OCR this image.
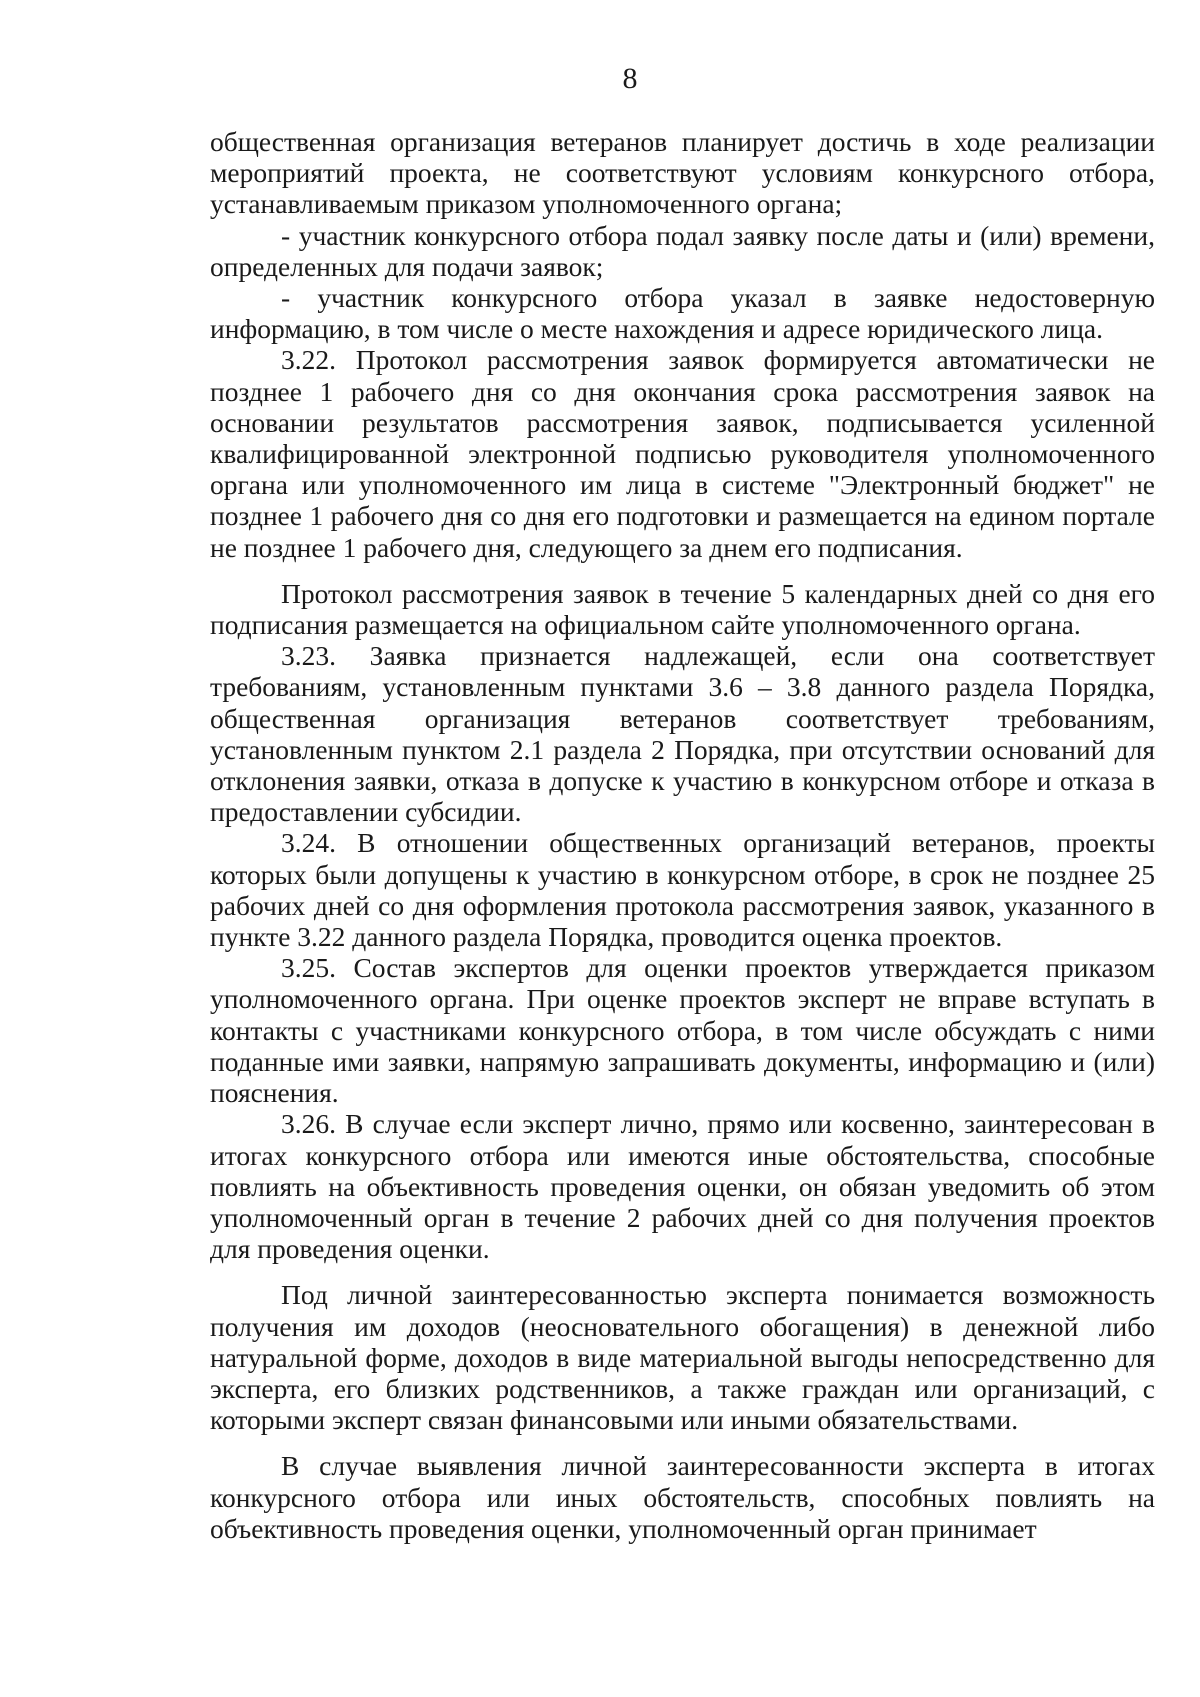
8

общественная организация ветеранов планирует достичь в ходе реализации мероприятий проекта, не соответствуют условиям конкурсного отбора, устанавливаемым приказом уполномоченного органа;

- участник конкурсного отбора подал заявку после даты и (или) времени, определенных для подачи заявок;

- участник конкурсного отбора указал в заявке недостоверную информацию, в том числе о месте нахождения и адресе юридического лица.

3.22. Протокол рассмотрения заявок формируется автоматически не позднее 1 рабочего дня со дня окончания срока рассмотрения заявок на основании результатов рассмотрения заявок, подписывается усиленной квалифицированной электронной подписью руководителя уполномоченного органа или уполномоченного им лица в системе "Электронный бюджет" не позднее 1 рабочего дня со дня его подготовки и размещается на едином портале не позднее 1 рабочего дня, следующего за днем его подписания.

Протокол рассмотрения заявок в течение 5 календарных дней со дня его подписания размещается на официальном сайте уполномоченного органа.

3.23. Заявка признается надлежащей, если она соответствует требованиям, установленным пунктами 3.6 – 3.8 данного раздела Порядка, общественная организация ветеранов соответствует требованиям, установленным пунктом 2.1 раздела 2 Порядка, при отсутствии оснований для отклонения заявки, отказа в допуске к участию в конкурсном отборе и отказа в предоставлении субсидии.

3.24. В отношении общественных организаций ветеранов, проекты которых были допущены к участию в конкурсном отборе, в срок не позднее 25 рабочих дней со дня оформления протокола рассмотрения заявок, указанного в пункте 3.22 данного раздела Порядка, проводится оценка проектов.

3.25. Состав экспертов для оценки проектов утверждается приказом уполномоченного органа. При оценке проектов эксперт не вправе вступать в контакты с участниками конкурсного отбора, в том числе обсуждать с ними поданные ими заявки, напрямую запрашивать документы, информацию и (или) пояснения.

3.26. В случае если эксперт лично, прямо или косвенно, заинтересован в итогах конкурсного отбора или имеются иные обстоятельства, способные повлиять на объективность проведения оценки, он обязан уведомить об этом уполномоченный орган в течение 2 рабочих дней со дня получения проектов для проведения оценки.

Под личной заинтересованностью эксперта понимается возможность получения им доходов (неосновательного обогащения) в денежной либо натуральной форме, доходов в виде материальной выгоды непосредственно для эксперта, его близких родственников, а также граждан или организаций, с которыми эксперт связан финансовыми или иными обязательствами.

В случае выявления личной заинтересованности эксперта в итогах конкурсного отбора или иных обстоятельств, способных повлиять на объективность проведения оценки, уполномоченный орган принимает
